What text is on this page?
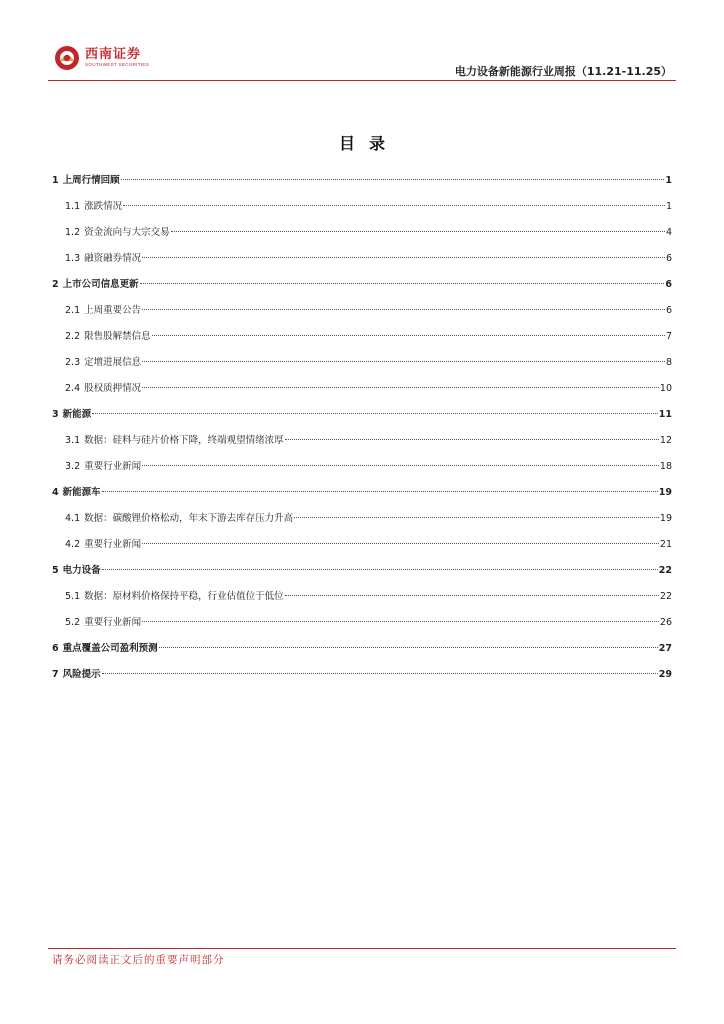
西南证券
SOUTHWEST SECURITIES
电力设备新能源行业周报（11.21-11.25）
目录
1 上周行情回顾	1
1.1 涨跌情况	1
1.2 资金流向与大宗交易	4
1.3 融资融券情况	6
2 上市公司信息更新	6
2.1 上周重要公告	6
2.2 限售股解禁信息	7
2.3 定增进展信息	8
2.4 股权质押情况	10
3 新能源	11
3.1 数据：硅料与硅片价格下降，终端观望情绪浓厚	12
3.2 重要行业新闻	18
4 新能源车	19
4.1 数据：碳酸锂价格松动，年末下游去库存压力升高	19
4.2 重要行业新闻	21
5 电力设备	22
5.1 数据：原材料价格保持平稳，行业估值位于低位	22
5.2 重要行业新闻	26
6 重点覆盖公司盈利预测	27
7 风险提示	29
请务必阅读正文后的重要声明部分
